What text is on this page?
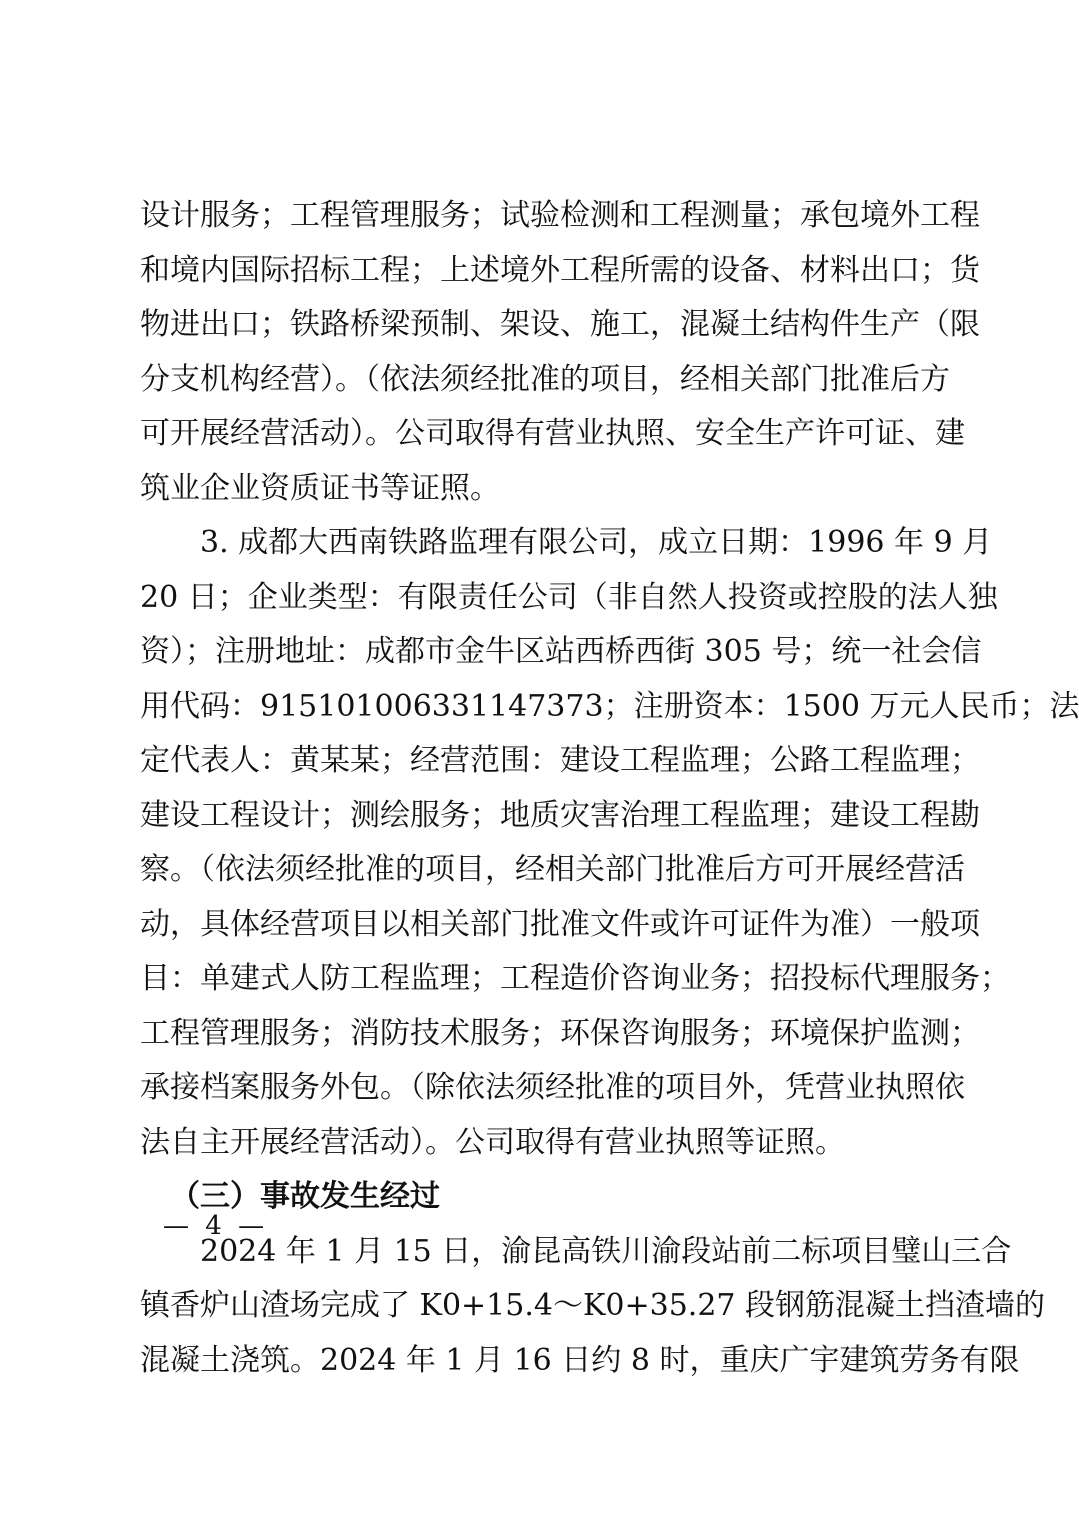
设计服务；工程管理服务；试验检测和工程测量；承包境外工程
和境内国际招标工程；上述境外工程所需的设备、材料出口；货
物进出口；铁路桥梁预制、架设、施工，混凝土结构件生产（限
分支机构经营）。（依法须经批准的项目，经相关部门批准后方
可开展经营活动）。公司取得有营业执照、安全生产许可证、建
筑业企业资质证书等证照。
3. 成都大西南铁路监理有限公司，成立日期：1996 年 9 月
20 日；企业类型：有限责任公司（非自然人投资或控股的法人独
资）；注册地址：成都市金牛区站西桥西街 305 号；统一社会信
用代码：915101006331147373；注册资本：1500 万元人民币；法
定代表人：黄某某；经营范围：建设工程监理；公路工程监理；
建设工程设计；测绘服务；地质灾害治理工程监理；建设工程勘
察。（依法须经批准的项目，经相关部门批准后方可开展经营活
动，具体经营项目以相关部门批准文件或许可证件为准）一般项
目：单建式人防工程监理；工程造价咨询业务；招投标代理服务；
工程管理服务；消防技术服务；环保咨询服务；环境保护监测；
承接档案服务外包。（除依法须经批准的项目外，凭营业执照依
法自主开展经营活动）。公司取得有营业执照等证照。
（三）事故发生经过
2024 年 1 月 15 日，渝昆高铁川渝段站前二标项目璧山三合
镇香炉山渣场完成了 K0+15.4～K0+35.27 段钢筋混凝土挡渣墙的
混凝土浇筑。2024 年 1 月 16 日约 8 时，重庆广宇建筑劳务有限
— 4 —
